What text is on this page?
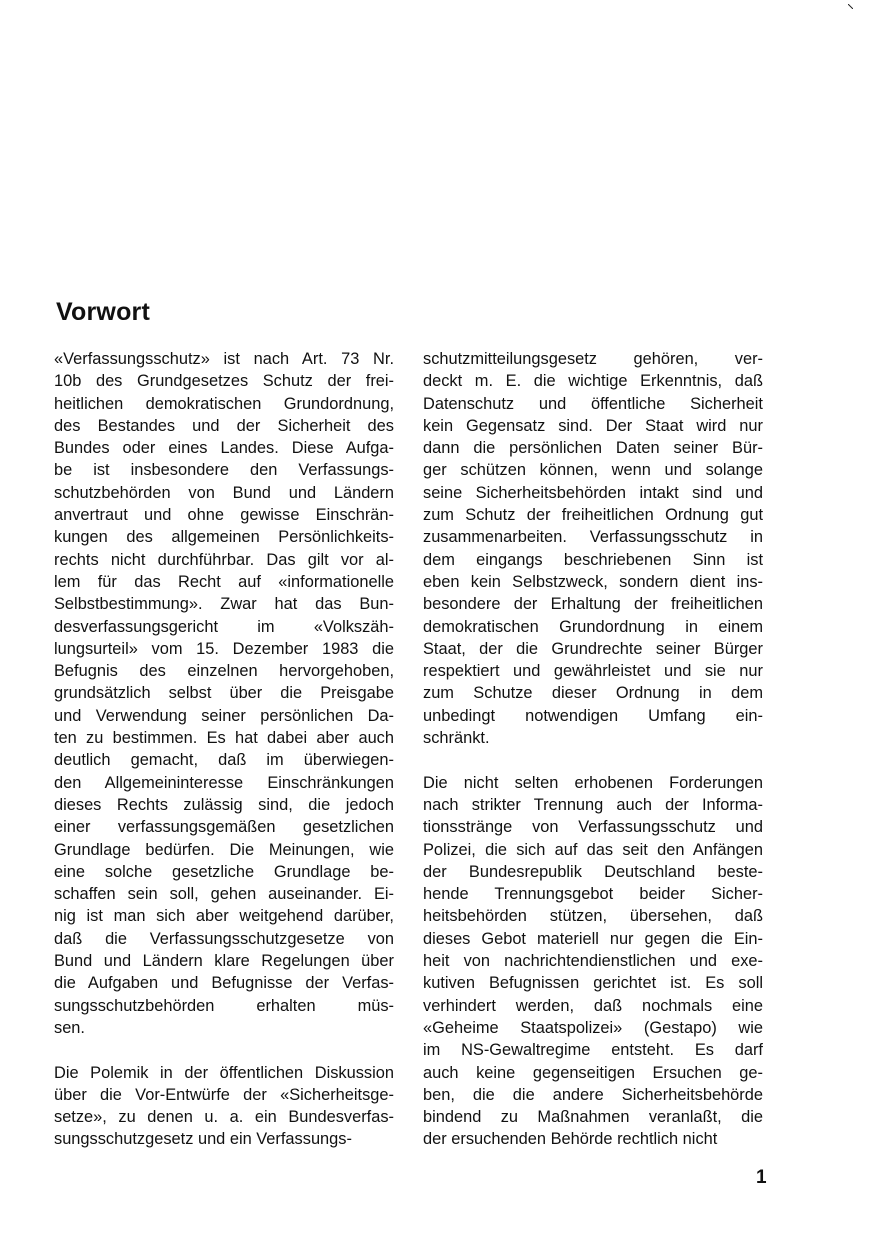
Vorwort
«Verfassungsschutz» ist nach Art. 73 Nr.
10b des Grundgesetzes Schutz der frei-
heitlichen demokratischen Grundordnung,
des Bestandes und der Sicherheit des
Bundes oder eines Landes. Diese Aufga-
be ist insbesondere den Verfassungs-
schutzbehörden von Bund und Ländern
anvertraut und ohne gewisse Einschrän-
kungen des allgemeinen Persönlichkeits-
rechts nicht durchführbar. Das gilt vor al-
lem für das Recht auf «informationelle
Selbstbestimmung». Zwar hat das Bun-
desverfassungsgericht im «Volkszäh-
lungsurteil» vom 15. Dezember 1983 die
Befugnis des einzelnen hervorgehoben,
grundsätzlich selbst über die Preisgabe
und Verwendung seiner persönlichen Da-
ten zu bestimmen. Es hat dabei aber auch
deutlich gemacht, daß im überwiegen-
den Allgemeininteresse Einschränkungen
dieses Rechts zulässig sind, die jedoch
einer verfassungsgemäßen gesetzlichen
Grundlage bedürfen. Die Meinungen, wie
eine solche gesetzliche Grundlage be-
schaffen sein soll, gehen auseinander. Ei-
nig ist man sich aber weitgehend darüber,
daß die Verfassungsschutzgesetze von
Bund und Ländern klare Regelungen über
die Aufgaben und Befugnisse der Verfas-
sungsschutzbehörden erhalten müs-
sen.
Die Polemik in der öffentlichen Diskussion
über die Vor-Entwürfe der «Sicherheitsge-
setze», zu denen u. a. ein Bundesverfas-
sungsschutzgesetz und ein Verfassungs-
schutzmitteilungsgesetz gehören, ver-
deckt m. E. die wichtige Erkenntnis, daß
Datenschutz und öffentliche Sicherheit
kein Gegensatz sind. Der Staat wird nur
dann die persönlichen Daten seiner Bür-
ger schützen können, wenn und solange
seine Sicherheitsbehörden intakt sind und
zum Schutz der freiheitlichen Ordnung gut
zusammenarbeiten. Verfassungsschutz in
dem eingangs beschriebenen Sinn ist
eben kein Selbstzweck, sondern dient ins-
besondere der Erhaltung der freiheitlichen
demokratischen Grundordnung in einem
Staat, der die Grundrechte seiner Bürger
respektiert und gewährleistet und sie nur
zum Schutze dieser Ordnung in dem
unbedingt notwendigen Umfang ein-
schränkt.
Die nicht selten erhobenen Forderungen
nach strikter Trennung auch der Informa-
tionsstränge von Verfassungsschutz und
Polizei, die sich auf das seit den Anfängen
der Bundesrepublik Deutschland beste-
hende Trennungsgebot beider Sicher-
heitsbehörden stützen, übersehen, daß
dieses Gebot materiell nur gegen die Ein-
heit von nachrichtendienstlichen und exe-
kutiven Befugnissen gerichtet ist. Es soll
verhindert werden, daß nochmals eine
«Geheime Staatspolizei» (Gestapo) wie
im NS-Gewaltregime entsteht. Es darf
auch keine gegenseitigen Ersuchen ge-
ben, die die andere Sicherheitsbehörde
bindend zu Maßnahmen veranlaßt, die
der ersuchenden Behörde rechtlich nicht
1
